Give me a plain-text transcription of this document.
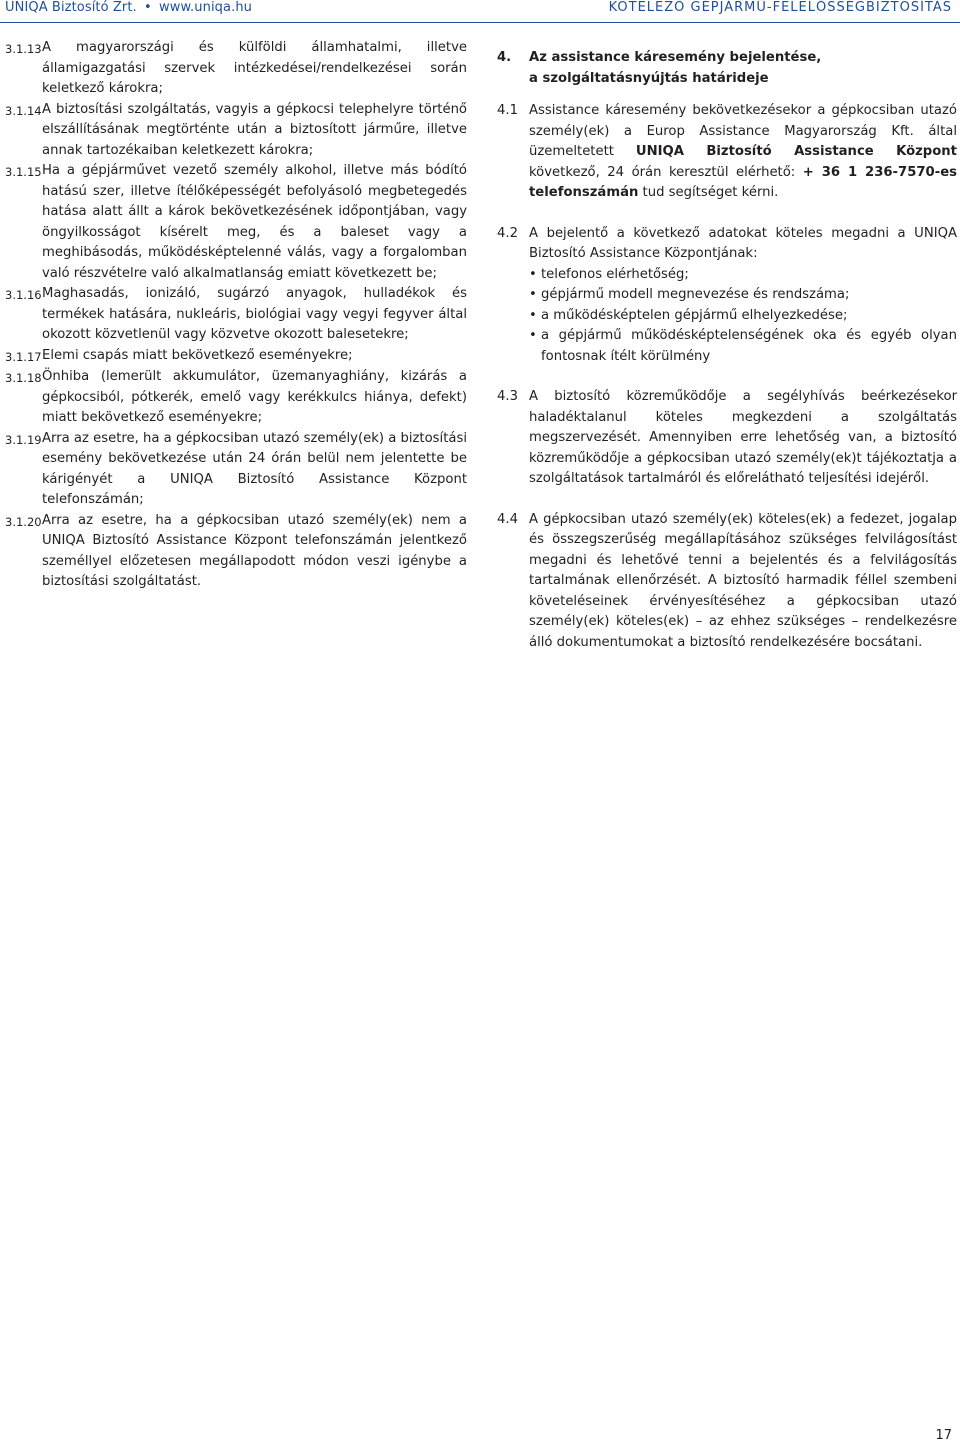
UNIQA Biztosító Zrt. • www.uniqa.hu	KÖTELEZŐ GÉPJÁRMŰ-FELELŐSSÉGBIZTOSÍTÁS
3.1.13 A magyarországi és külföldi államhatalmi, illetve államigazgatási szervek intézkedései/rendelkezései során keletkező károkra;
3.1.14 A biztosítási szolgáltatás, vagyis a gépkocsi telephelyre történő elszállításának megtörténte után a biztosított járműre, illetve annak tartozékaiban keletkezett károkra;
3.1.15 Ha a gépjárművet vezető személy alkohol, illetve más bódító hatású szer, illetve ítélőképességét befolyásoló megbetegedés hatása alatt állt a károk bekövetkezésének időpontjában, vagy öngyilkosságot kísérelt meg, és a baleset vagy a meghibásodás, működésképtelenné válás, vagy a forgalomban való részvételre való alkalmatlanság emiatt következett be;
3.1.16 Maghasadás, ionizáló, sugárzó anyagok, hulladékok és termékek hatására, nukleáris, biológiai vagy vegyi fegyver által okozott közvetlenül vagy közvetve okozott balesetekre;
3.1.17 Elemi csapás miatt bekövetkező eseményekre;
3.1.18 Önhiba (lemerült akkumulátor, üzemanyaghiány, kizárás a gépkocsiból, pótkerék, emelő vagy kerékkulcs hiánya, defekt) miatt bekövetkező eseményekre;
3.1.19 Arra az esetre, ha a gépkocsiban utazó személy(ek) a biztosítási esemény bekövetkezése után 24 órán belül nem jelentette be kárigényét a UNIQA Biztosító Assistance Központ telefonszámán;
3.1.20 Arra az esetre, ha a gépkocsiban utazó személy(ek) nem a UNIQA Biztosító Assistance Központ telefonszámán jelentkező személlyel előzetesen megállapodott módon veszi igénybe a biztosítási szolgáltatást.
4.	Az assistance káresemény bejelentése,
a szolgáltatásnyújtás határideje
4.1 Assistance káresemény bekövetkezésekor a gépkocsiban utazó személy(ek) a Europ Assistance Magyarország Kft. által üzemeltetett UNIQA Biztosító Assistance Központ következő, 24 órán keresztül elérhető: + 36 1 236-7570-es telefonszámán tud segítséget kérni.
4.2 A bejelentő a következő adatokat köteles megadni a UNIQA Biztosító Assistance Központjának:
• telefonos elérhetőség;
• gépjármű modell megnevezése és rendszáma;
• a működésképtelen gépjármű elhelyezkedése;
• a gépjármű működésképtelenségének oka és egyéb olyan fontosnak ítélt körülmény
4.3 A biztosító közreműködője a segélyhívás beérkezésekor haladéktalanul köteles megkezdeni a szolgáltatás megszervezését. Amennyiben erre lehetőség van, a biztosító közreműködője a gépkocsiban utazó személy(ek)t tájékoztatja a szolgáltatások tartalmáról és előrelátható teljesítési idejéről.
4.4 A gépkocsiban utazó személy(ek) köteles(ek) a fedezet, jogalap és összegszerűség megállapításához szükséges felvilágosítást megadni és lehetővé tenni a bejelentés és a felvilágosítás tartalmának ellenőrzését. A biztosító harmadik féllel szembeni követeléseinek érvényesítéséhez a gépkocsiban utazó személy(ek) köteles(ek) – az ehhez szükséges – rendelkezésre álló dokumentumokat a biztosító rendelkezésére bocsátani.
17
